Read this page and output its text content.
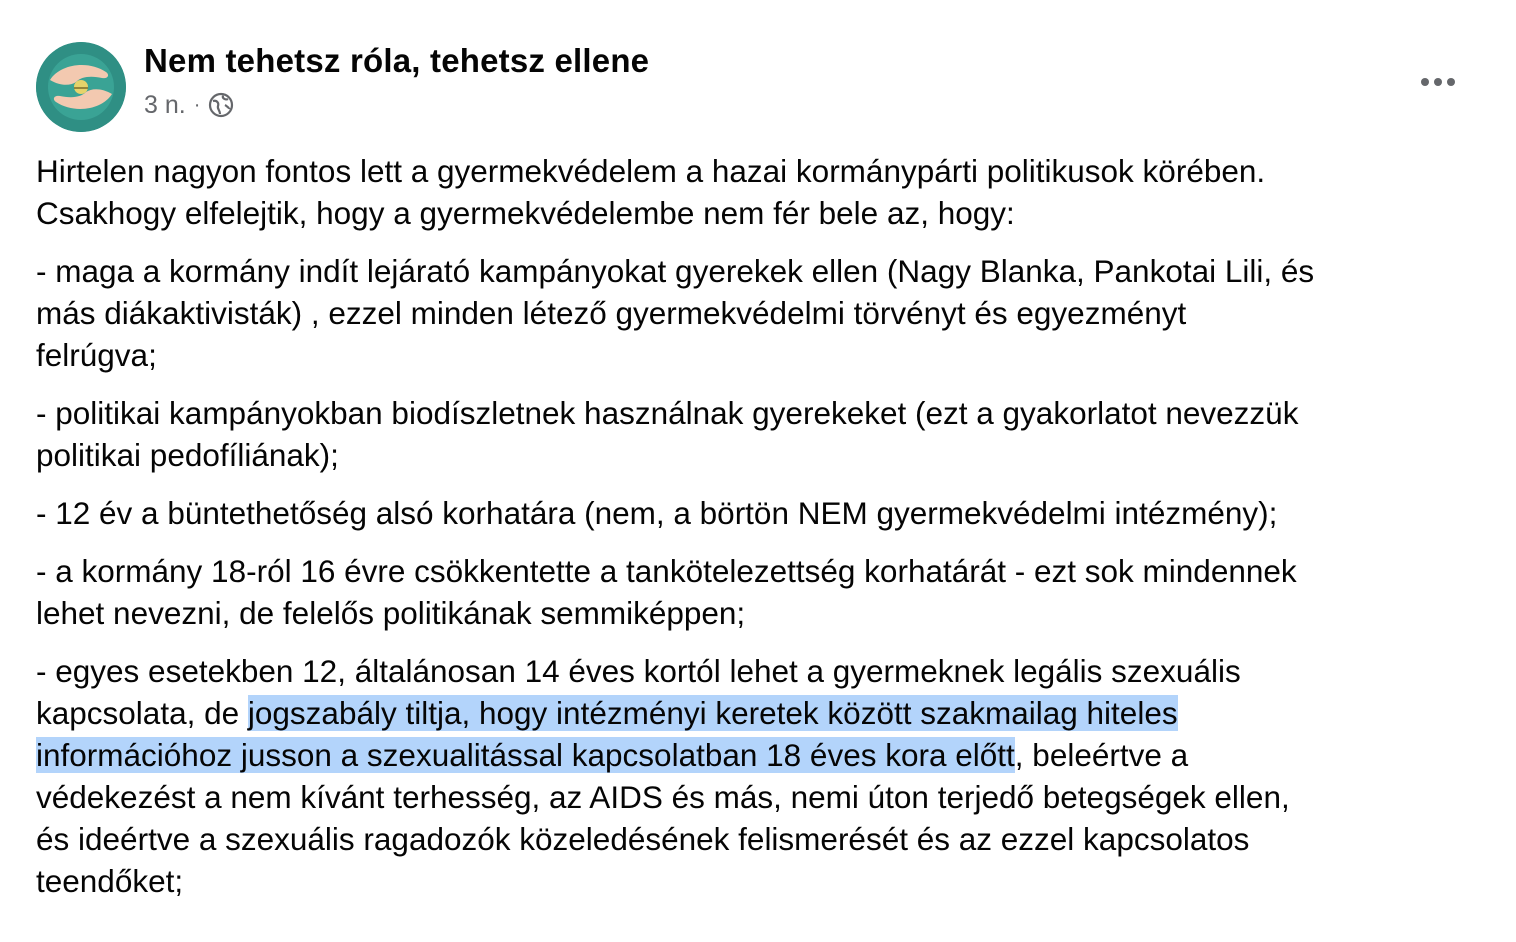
Nem tehetsz róla, tehetsz ellene
3 n. ·

Hirtelen nagyon fontos lett a gyermekvédelem a hazai kormánypárti politikusok körében.
Csakhogy elfelejtik, hogy a gyermekvédelembe nem fér bele az, hogy:

- maga a kormány indít lejárató kampányokat gyerekek ellen (Nagy Blanka, Pankotai Lili, és
más diákaktivisták) , ezzel minden létező gyermekvédelmi törvényt és egyezményt
felrúgva;

- politikai kampányokban biodíszletnek használnak gyerekeket (ezt a gyakorlatot nevezzük
politikai pedofíliának);

- 12 év a büntethetőség alsó korhatára (nem, a börtön NEM gyermekvédelmi intézmény);

- a kormány 18-ról 16 évre csökkentette a tankötelezettség korhatárát - ezt sok mindennek
lehet nevezni, de felelős politikának semmiképpen;

- egyes esetekben 12, általánosan 14 éves kortól lehet a gyermeknek legális szexuális
kapcsolata, de jogszabály tiltja, hogy intézményi keretek között szakmailag hiteles
információhoz jusson a szexualitással kapcsolatban 18 éves kora előtt, beleértve a
védekezést a nem kívánt terhesség, az AIDS és más, nemi úton terjedő betegségek ellen,
és ideértve a szexuális ragadozók közeledésének felismerését és az ezzel kapcsolatos
teendőket;
